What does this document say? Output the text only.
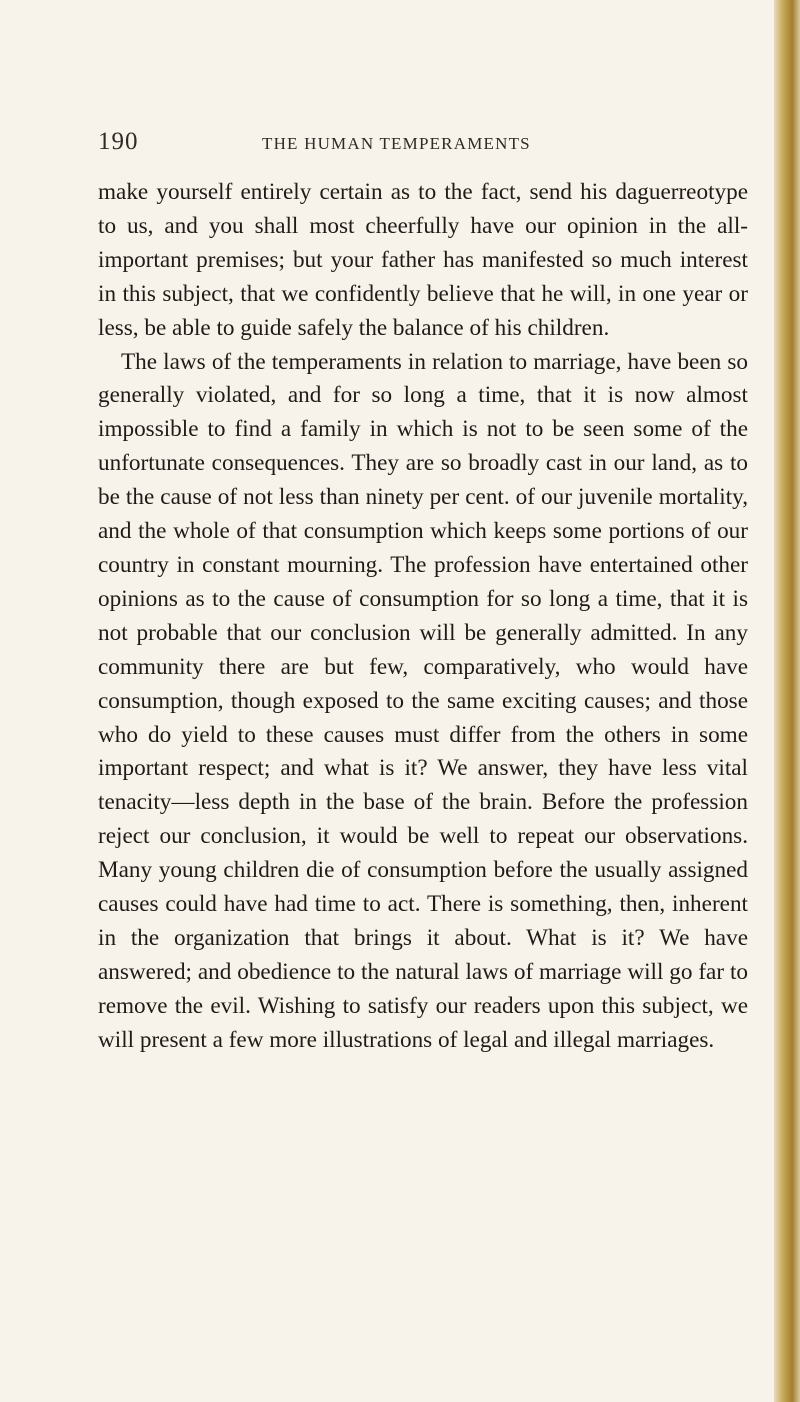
190	THE HUMAN TEMPERAMENTS

make yourself entirely certain as to the fact, send his daguerreotype to us, and you shall most cheerfully have our opinion in the all-important premises; but your father has manifested so much interest in this subject, that we confidently believe that he will, in one year or less, be able to guide safely the balance of his children.

The laws of the temperaments in relation to marriage, have been so generally violated, and for so long a time, that it is now almost impossible to find a family in which is not to be seen some of the unfortunate consequences. They are so broadly cast in our land, as to be the cause of not less than ninety per cent. of our juvenile mortality, and the whole of that consumption which keeps some portions of our country in constant mourning. The profession have entertained other opinions as to the cause of consumption for so long a time, that it is not probable that our conclusion will be generally admitted. In any community there are but few, comparatively, who would have consumption, though exposed to the same exciting causes; and those who do yield to these causes must differ from the others in some important respect; and what is it? We answer, they have less vital tenacity—less depth in the base of the brain. Before the profession reject our conclusion, it would be well to repeat our observations. Many young children die of consumption before the usually assigned causes could have had time to act. There is something, then, inherent in the organization that brings it about. What is it? We have answered; and obedience to the natural laws of marriage will go far to remove the evil. Wishing to satisfy our readers upon this subject, we will present a few more illustrations of legal and illegal marriages.
